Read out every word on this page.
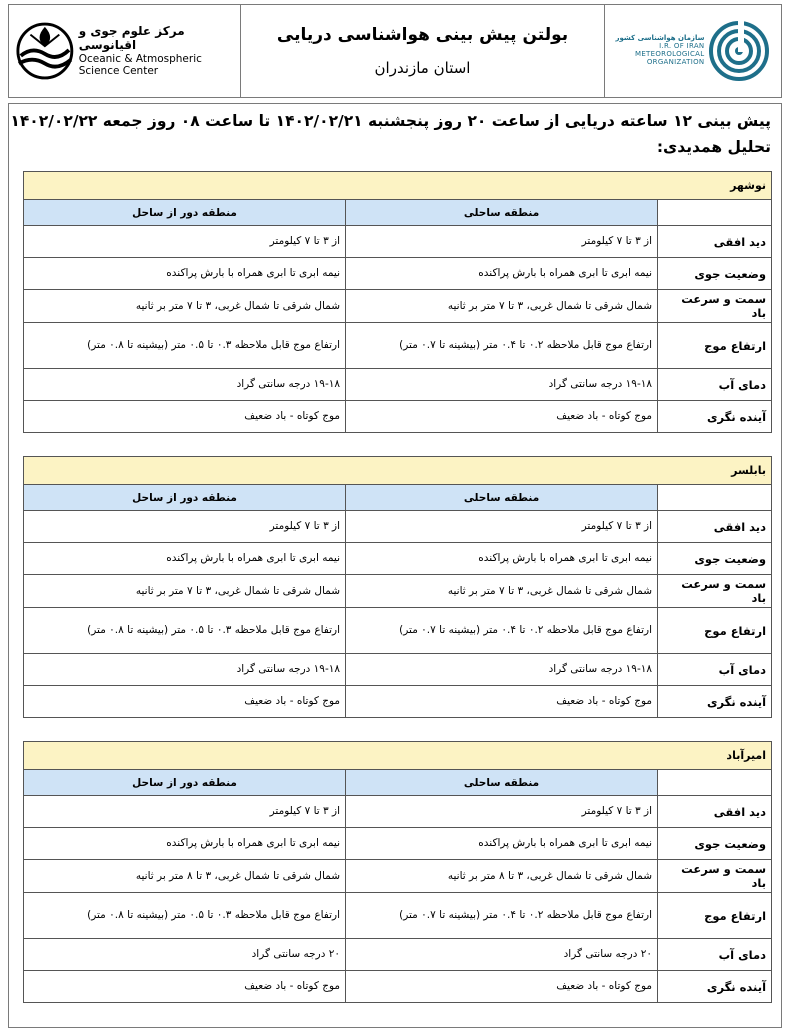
مرکز علوم جوی و اقیانوسی
Oceanic & Atmospheric
Science Center
بولتن پیش بینی هواشناسی دریایی
استان مازندران
سازمان هواشناسی کشور
I.R. OF IRAN
METEOROLOGICAL
ORGANIZATION
پیش بینی ۱۲ ساعته دریایی از ساعت ۲۰ روز پنجشنبه ۱۴۰۲/۰۲/۲۱ تا ساعت ۰۸ روز جمعه ۱۴۰۲/۰۲/۲۲
تحلیل همدیدی:
نوشهر		
	منطقه ساحلی	منطقه دور از ساحل
دید افقی	از ۳ تا ۷ کیلومتر	از ۳ تا ۷ کیلومتر
وضعیت جوی	نیمه ابری تا ابری همراه با بارش پراکنده	نیمه ابری تا ابری همراه با بارش پراکنده
سمت و سرعت باد	شمال شرقی تا شمال غربی، ۳ تا ۷ متر بر ثانیه	شمال شرقی تا شمال غربی، ۳ تا ۷ متر بر ثانیه
ارتفاع موج	ارتفاع موج قابل ملاحظه ۰.۲ تا ۰.۴ متر (بیشینه تا ۰.۷ متر)	ارتفاع موج قابل ملاحظه ۰.۳ تا ۰.۵ متر (بیشینه تا ۰.۸ متر)
دمای آب	۱۹-۱۸ درجه سانتی گراد	۱۹-۱۸ درجه سانتی گراد
آینده نگری	موج کوتاه - باد ضعیف	موج کوتاه - باد ضعیف
بابلسر		
	منطقه ساحلی	منطقه دور از ساحل
دید افقی	از ۳ تا ۷ کیلومتر	از ۳ تا ۷ کیلومتر
وضعیت جوی	نیمه ابری تا ابری همراه با بارش پراکنده	نیمه ابری تا ابری همراه با بارش پراکنده
سمت و سرعت باد	شمال شرقی تا شمال غربی، ۳ تا ۷ متر بر ثانیه	شمال شرقی تا شمال غربی، ۳ تا ۷ متر بر ثانیه
ارتفاع موج	ارتفاع موج قابل ملاحظه ۰.۲ تا ۰.۴ متر (بیشینه تا ۰.۷ متر)	ارتفاع موج قابل ملاحظه ۰.۳ تا ۰.۵ متر (بیشینه تا ۰.۸ متر)
دمای آب	۱۹-۱۸ درجه سانتی گراد	۱۹-۱۸ درجه سانتی گراد
آینده نگری	موج کوتاه - باد ضعیف	موج کوتاه - باد ضعیف
امیرآباد		
	منطقه ساحلی	منطقه دور از ساحل
دید افقی	از ۳ تا ۷ کیلومتر	از ۳ تا ۷ کیلومتر
وضعیت جوی	نیمه ابری تا ابری همراه با بارش پراکنده	نیمه ابری تا ابری همراه با بارش پراکنده
سمت و سرعت باد	شمال شرقی تا شمال غربی، ۳ تا ۸ متر بر ثانیه	شمال شرقی تا شمال غربی، ۳ تا ۸ متر بر ثانیه
ارتفاع موج	ارتفاع موج قابل ملاحظه ۰.۲ تا ۰.۴ متر (بیشینه تا ۰.۷ متر)	ارتفاع موج قابل ملاحظه ۰.۳ تا ۰.۵ متر (بیشینه تا ۰.۸ متر)
دمای آب	۲۰ درجه سانتی گراد	۲۰ درجه سانتی گراد
آینده نگری	موج کوتاه - باد ضعیف	موج کوتاه - باد ضعیف
